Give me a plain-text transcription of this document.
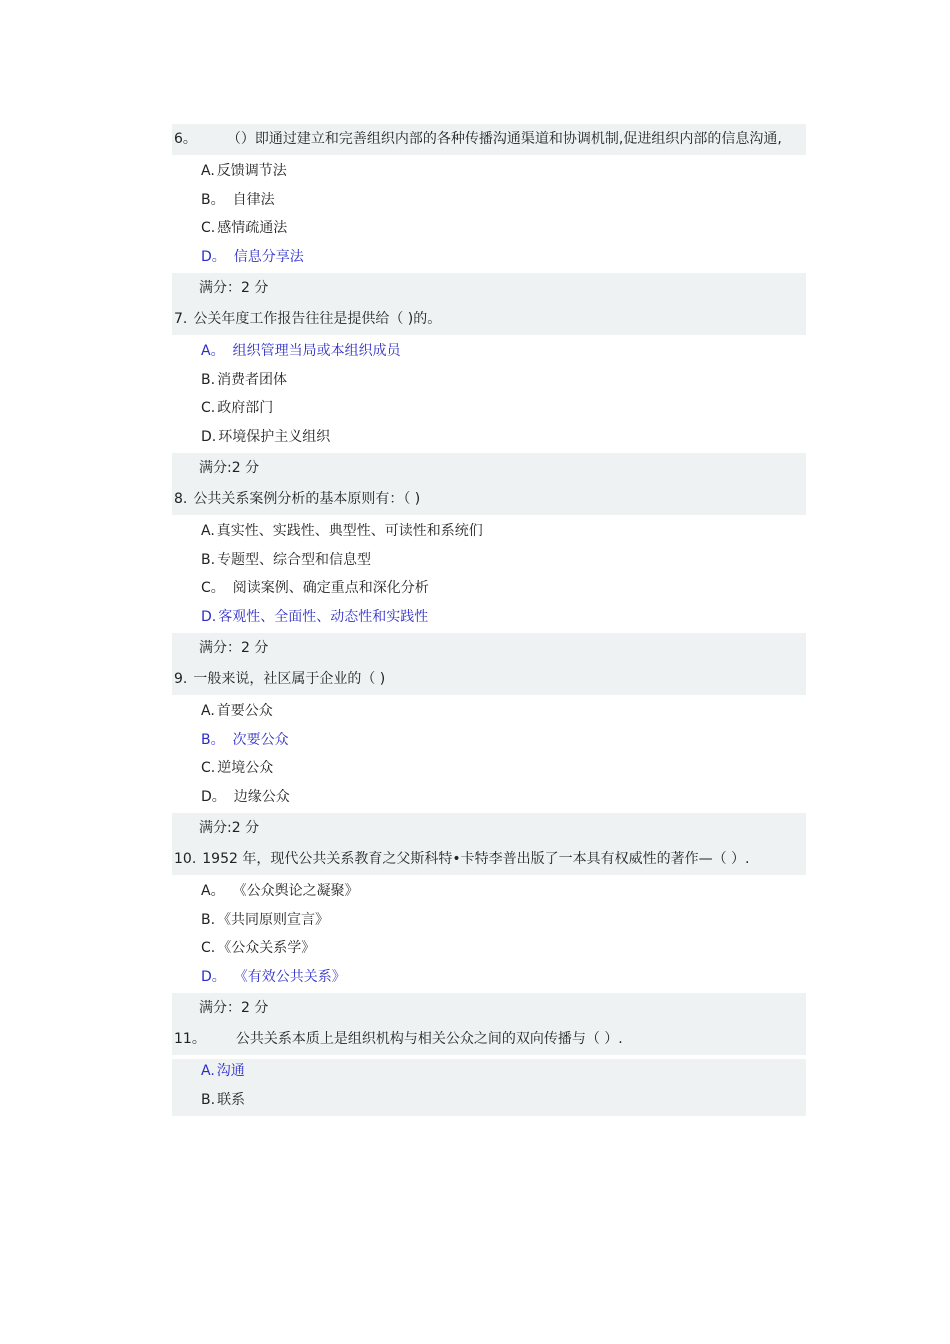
6。 （）即通过建立和完善组织内部的各种传播沟通渠道和协调机制,促进组织内部的信息沟通,
A. 反馈调节法
B。 自律法
C. 感情疏通法
D。 信息分享法
满分：2 分
7. 公关年度工作报告往往是提供给（ )的。
A。 组织管理当局或本组织成员
B. 消费者团体
C. 政府部门
D. 环境保护主义组织
满分:2 分
8. 公共关系案例分析的基本原则有：（ )
A. 真实性、实践性、典型性、可读性和系统们
B. 专题型、综合型和信息型
C。 阅读案例、确定重点和深化分析
D. 客观性、全面性、动态性和实践性
满分：2 分
9. 一般来说，社区属于企业的（ )
A. 首要公众
B。 次要公众
C. 逆境公众
D。 边缘公众
满分:2 分
10. 1952 年，现代公共关系教育之父斯科特•卡特李普出版了一本具有权威性的著作—（ ）.
A。 《公众舆论之凝聚》
B. 《共同原则宣言》
C. 《公众关系学》
D。 《有效公共关系》
满分：2 分
11。 公共关系本质上是组织机构与相关公众之间的双向传播与（ ）.
A. 沟通
B. 联系
